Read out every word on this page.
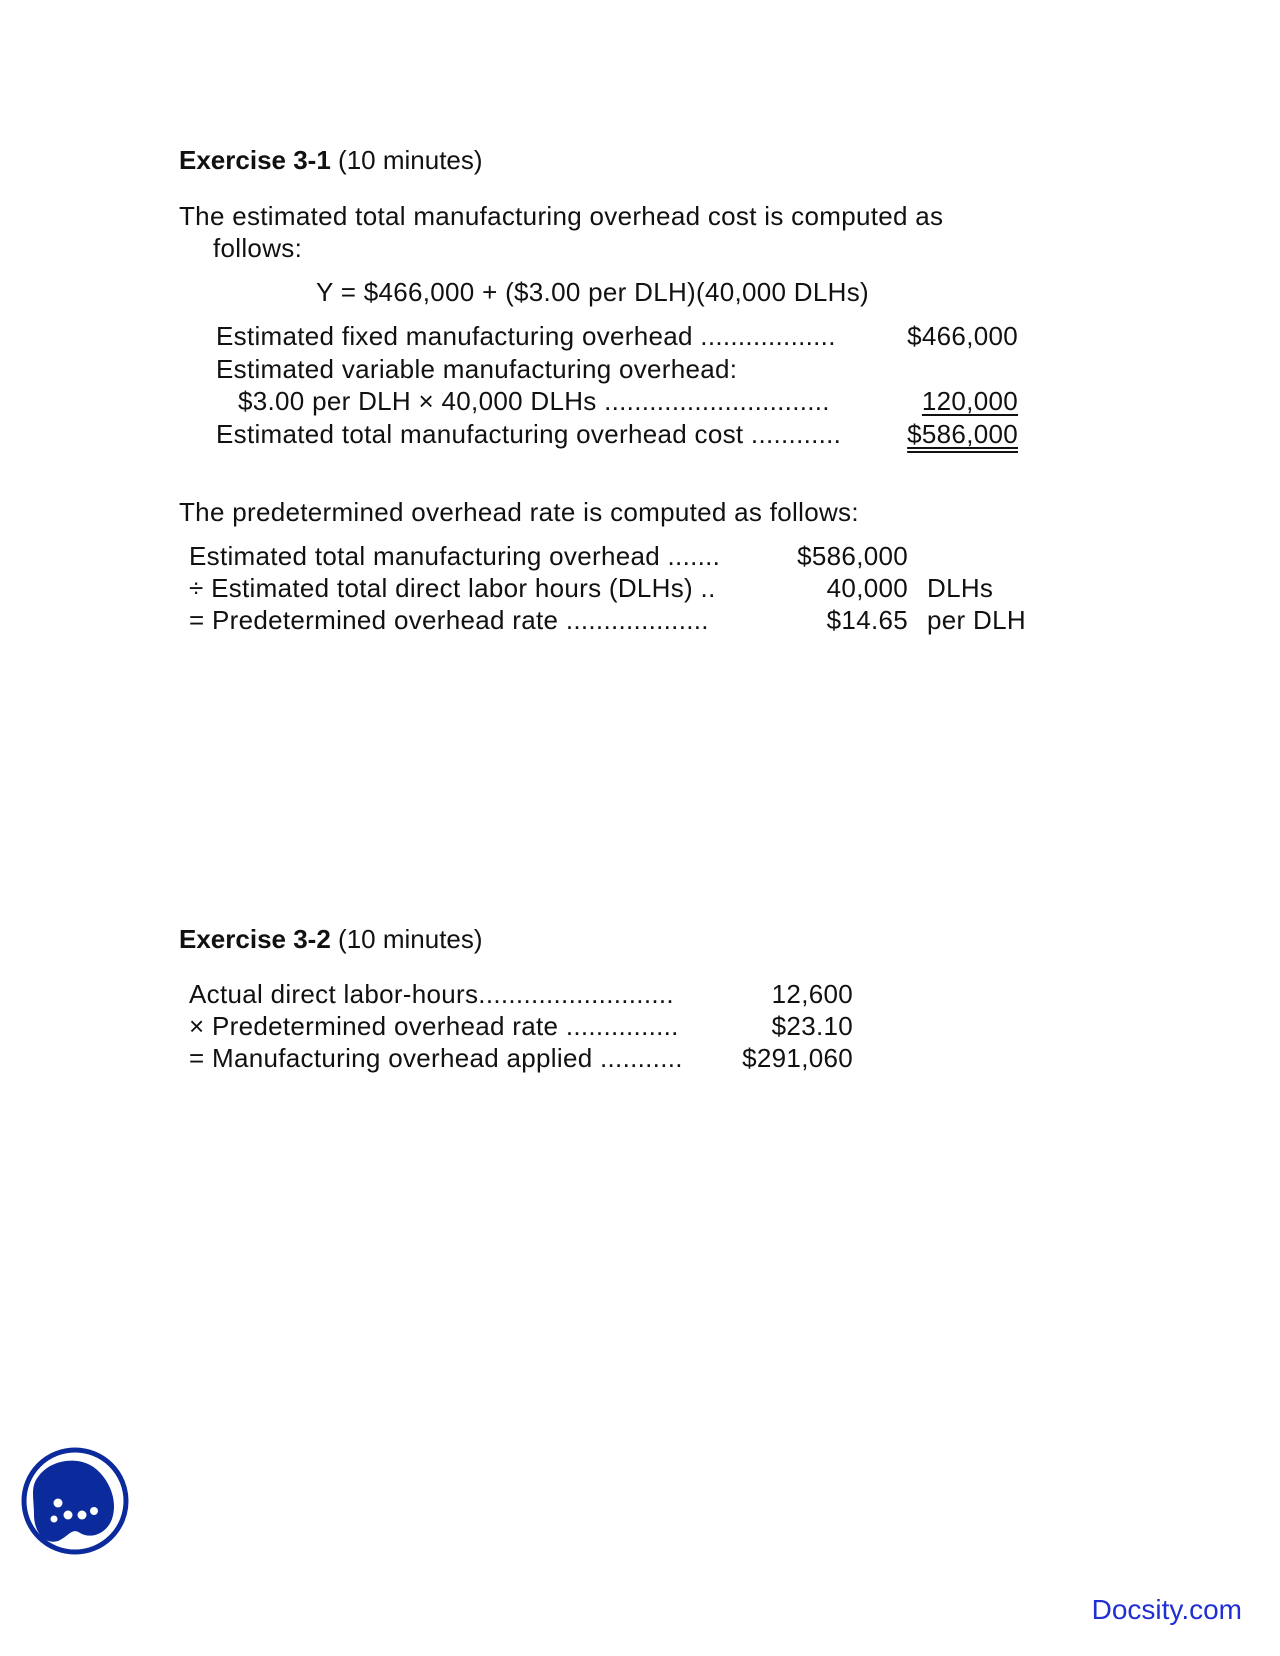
Exercise 3-1 (10 minutes)
The estimated total manufacturing overhead cost is computed as
follows:
Y = $466,000 + ($3.00 per DLH)(40,000 DLHs)
Estimated fixed manufacturing overhead ..................	$466,000
Estimated variable manufacturing overhead:
$3.00 per DLH × 40,000 DLHs ..............................	120,000
Estimated total manufacturing overhead cost ............	$586,000
The predetermined overhead rate is computed as follows:
Estimated total manufacturing overhead .......	$586,000
÷ Estimated total direct labor hours (DLHs) ..	40,000 DLHs
= Predetermined overhead rate ...................	$14.65 per DLH
Exercise 3-2 (10 minutes)
Actual direct labor-hours..........................	12,600
× Predetermined overhead rate ...............	$23.10
= Manufacturing overhead applied ...........	$291,060
Docsity.com
